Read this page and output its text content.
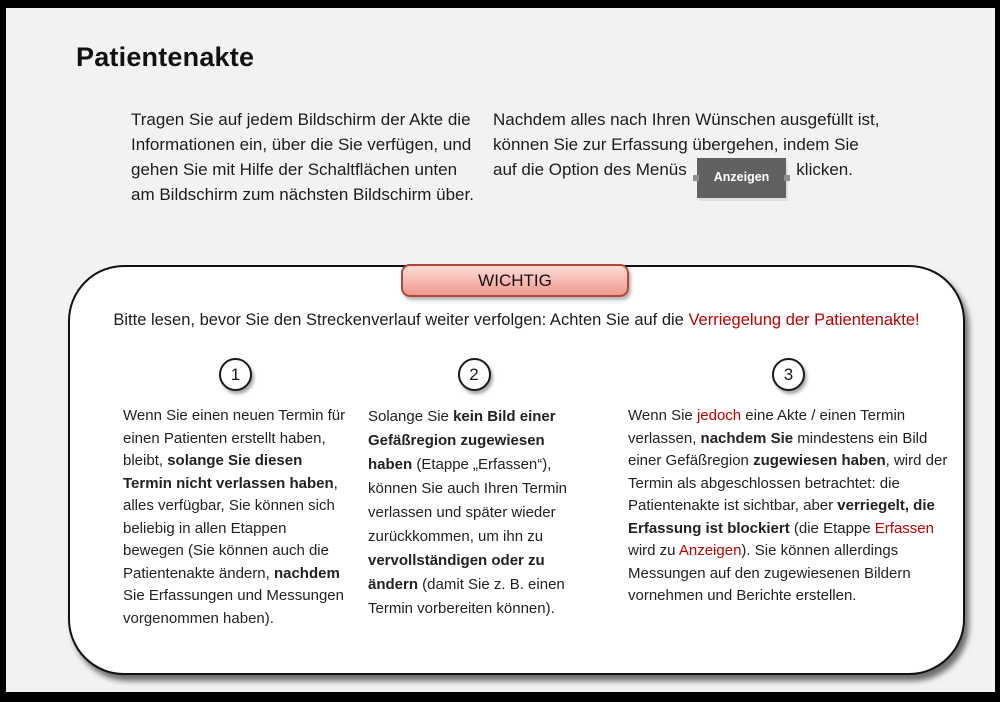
Patientenakte

Tragen Sie auf jedem Bildschirm der Akte die Informationen ein, über die Sie verfügen, und gehen Sie mit Hilfe der Schaltflächen unten am Bildschirm zum nächsten Bildschirm über.

Nachdem alles nach Ihren Wünschen ausgefüllt ist, können Sie zur Erfassung übergehen, indem Sie auf die Option des Menüs Anzeigen klicken.

WICHTIG
Bitte lesen, bevor Sie den Streckenverlauf weiter verfolgen: Achten Sie auf die Verriegelung der Patientenakte!
1
Wenn Sie einen neuen Termin für einen Patienten erstellt haben, bleibt, solange Sie diesen Termin nicht verlassen haben, alles verfügbar, Sie können sich beliebig in allen Etappen bewegen (Sie können auch die Patientenakte ändern, nachdem Sie Erfassungen und Messungen vorgenommen haben).
2
Solange Sie kein Bild einer Gefäßregion zugewiesen haben (Etappe „Erfassen“), können Sie auch Ihren Termin verlassen und später wieder zurückkommen, um ihn zu vervollständigen oder zu ändern (damit Sie z. B. einen Termin vorbereiten können).
3
Wenn Sie jedoch eine Akte / einen Termin verlassen, nachdem Sie mindestens ein Bild einer Gefäßregion zugewiesen haben, wird der Termin als abgeschlossen betrachtet: die Patientenakte ist sichtbar, aber verriegelt, die Erfassung ist blockiert (die Etappe Erfassen wird zu Anzeigen). Sie können allerdings Messungen auf den zugewiesenen Bildern vornehmen und Berichte erstellen.
